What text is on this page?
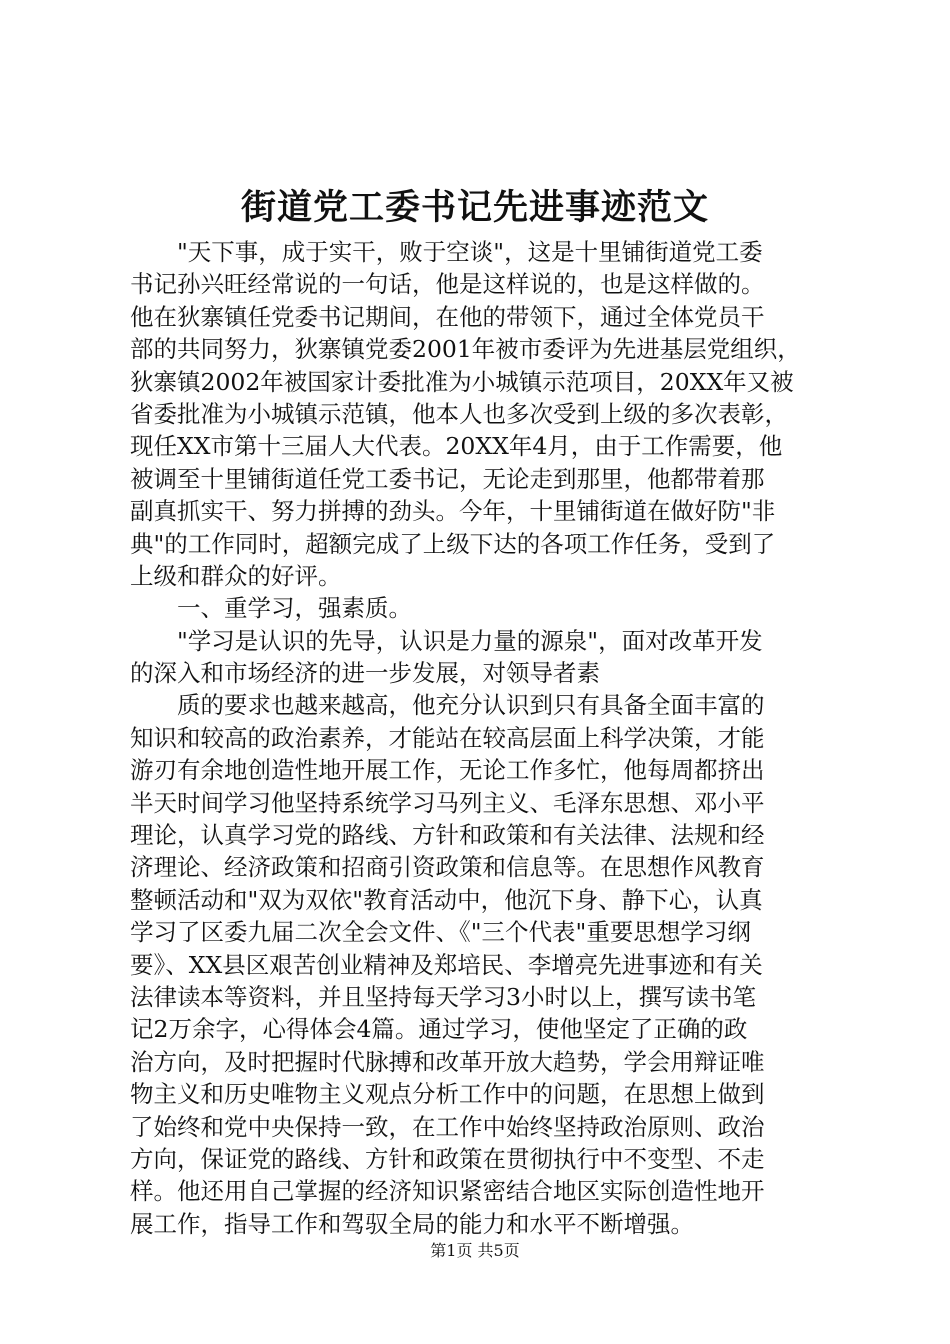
街道党工委书记先进事迹范文
"天下事，成于实干，败于空谈"，这是十里铺街道党工委
书记孙兴旺经常说的一句话，他是这样说的，也是这样做的。
他在狄寨镇任党委书记期间，在他的带领下，通过全体党员干
部的共同努力，狄寨镇党委2001年被市委评为先进基层党组织，
狄寨镇2002年被国家计委批准为小城镇示范项目，20XX年又被
省委批准为小城镇示范镇，他本人也多次受到上级的多次表彰，
现任XX市第十三届人大代表。20XX年4月，由于工作需要，他
被调至十里铺街道任党工委书记，无论走到那里，他都带着那
副真抓实干、努力拼搏的劲头。今年，十里铺街道在做好防"非
典"的工作同时，超额完成了上级下达的各项工作任务，受到了
上级和群众的好评。
一、重学习，强素质。
"学习是认识的先导，认识是力量的源泉"，面对改革开发
的深入和市场经济的进一步发展，对领导者素
质的要求也越来越高，他充分认识到只有具备全面丰富的
知识和较高的政治素养，才能站在较高层面上科学决策，才能
游刃有余地创造性地开展工作，无论工作多忙，他每周都挤出
半天时间学习他坚持系统学习马列主义、毛泽东思想、邓小平
理论，认真学习党的路线、方针和政策和有关法律、法规和经
济理论、经济政策和招商引资政策和信息等。在思想作风教育
整顿活动和"双为双依"教育活动中，他沉下身、静下心，认真
学习了区委九届二次全会文件、《"三个代表"重要思想学习纲
要》、XX县区艰苦创业精神及郑培民、李增亮先进事迹和有关
法律读本等资料，并且坚持每天学习3小时以上，撰写读书笔
记2万余字，心得体会4篇。通过学习，使他坚定了正确的政
治方向，及时把握时代脉搏和改革开放大趋势，学会用辩证唯
物主义和历史唯物主义观点分析工作中的问题，在思想上做到
了始终和党中央保持一致，在工作中始终坚持政治原则、政治
方向，保证党的路线、方针和政策在贯彻执行中不变型、不走
样。他还用自己掌握的经济知识紧密结合地区实际创造性地开
展工作，指导工作和驾驭全局的能力和水平不断增强。
第1页 共5页
